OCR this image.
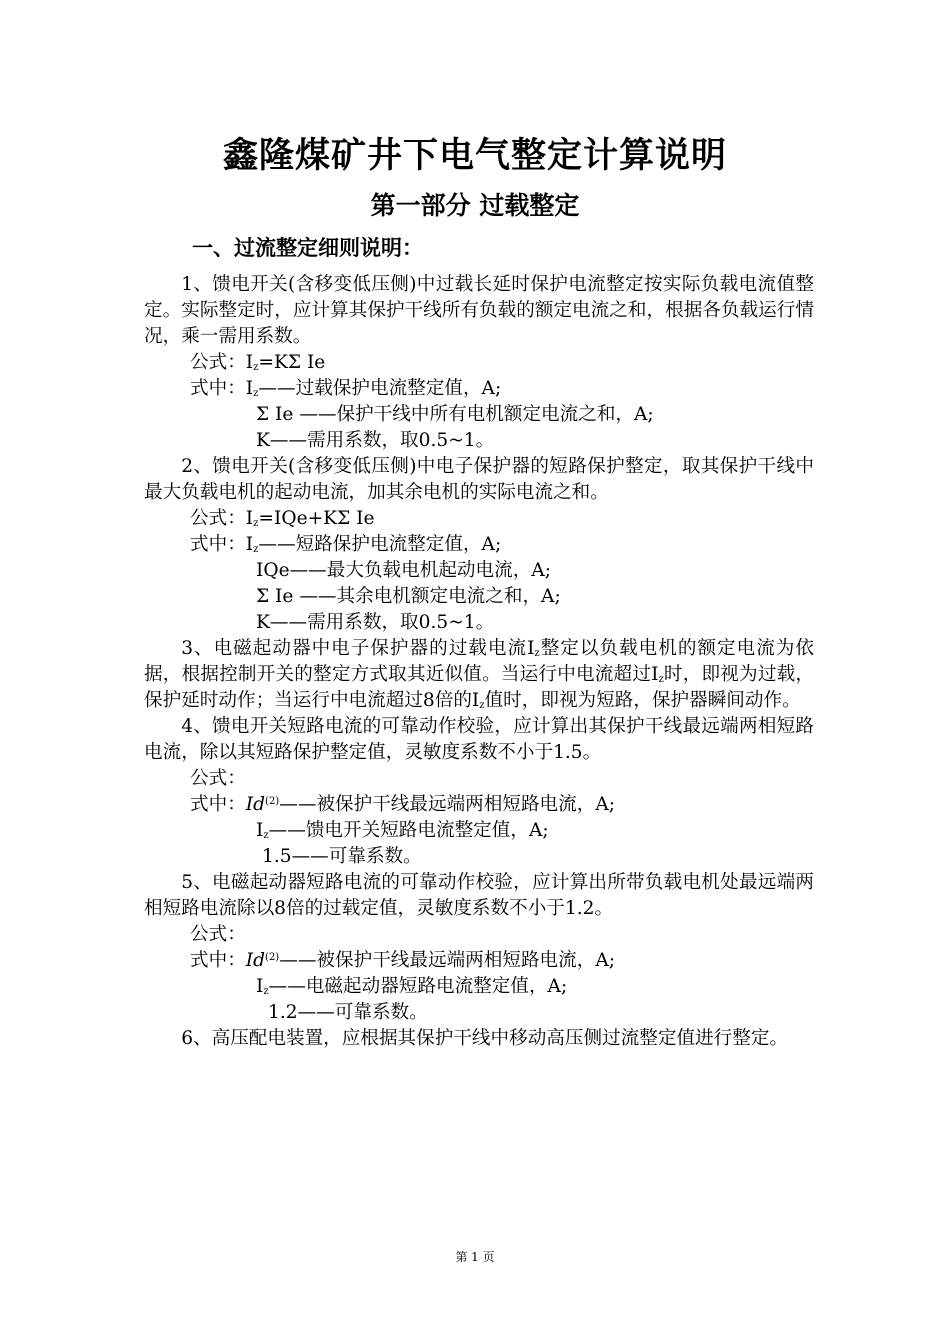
鑫隆煤矿井下电气整定计算说明
第一部分 过载整定
一、过流整定细则说明：

1、馈电开关(含移变低压侧)中过载长延时保护电流整定按实际负载电流值整定。实际整定时，应计算其保护干线所有负载的额定电流之和，根据各负载运行情况，乘一需用系数。

公式：$I_z=K\Sigma$ Ie

式中：$I_z——$过载保护电流整定值，A;

Σ Ie ——保护干线中所有电机额定电流之和，A;

K——需用系数，取0.5~1。

2、馈电开关(含移变低压侧)中电子保护器的短路保护整定，取其保护干线中最大负载电机的起动电流，加其余电机的实际电流之和。

公式：$I_z=IQe+K\Sigma$ Ie

式中：$I_z——$短路保护电流整定值，A;

IQe——最大负载电机起动电流，A;

Σ Ie ——其余电机额定电流之和，A;

K——需用系数，取0.5~1。

3、电磁起动器中电子保护器的过载电流$I_z$整定以负载电机的额定电流为依据，根据控制开关的整定方式取其近似值。当运行中电流超过$I_z$时，即视为过载，保护延时动作；当运行中电流超过8倍的$I_z$值时，即视为短路，保护器瞬间动作。

4、馈电开关短路电流的可靠动作校验，应计算出其保护干线最远端两相短路电流，除以其短路保护整定值，灵敏度系数不小于1.5。

公式：

式中：Id$^{(2)}$——被保护干线最远端两相短路电流，A;

$I_z——$馈电开关短路电流整定值，A;

1.5——可靠系数。

5、电磁起动器短路电流的可靠动作校验，应计算出所带负载电机处最远端两相短路电流除以8倍的过载定值，灵敏度系数不小于1.2。

公式：

式中：Id$^{(2)}$——被保护干线最远端两相短路电流，A;

$I_z——$电磁起动器短路电流整定值，A;

1.2——可靠系数。

6、高压配电装置，应根据其保护干线中移动高压侧过流整定值进行整定。

第 1 页
